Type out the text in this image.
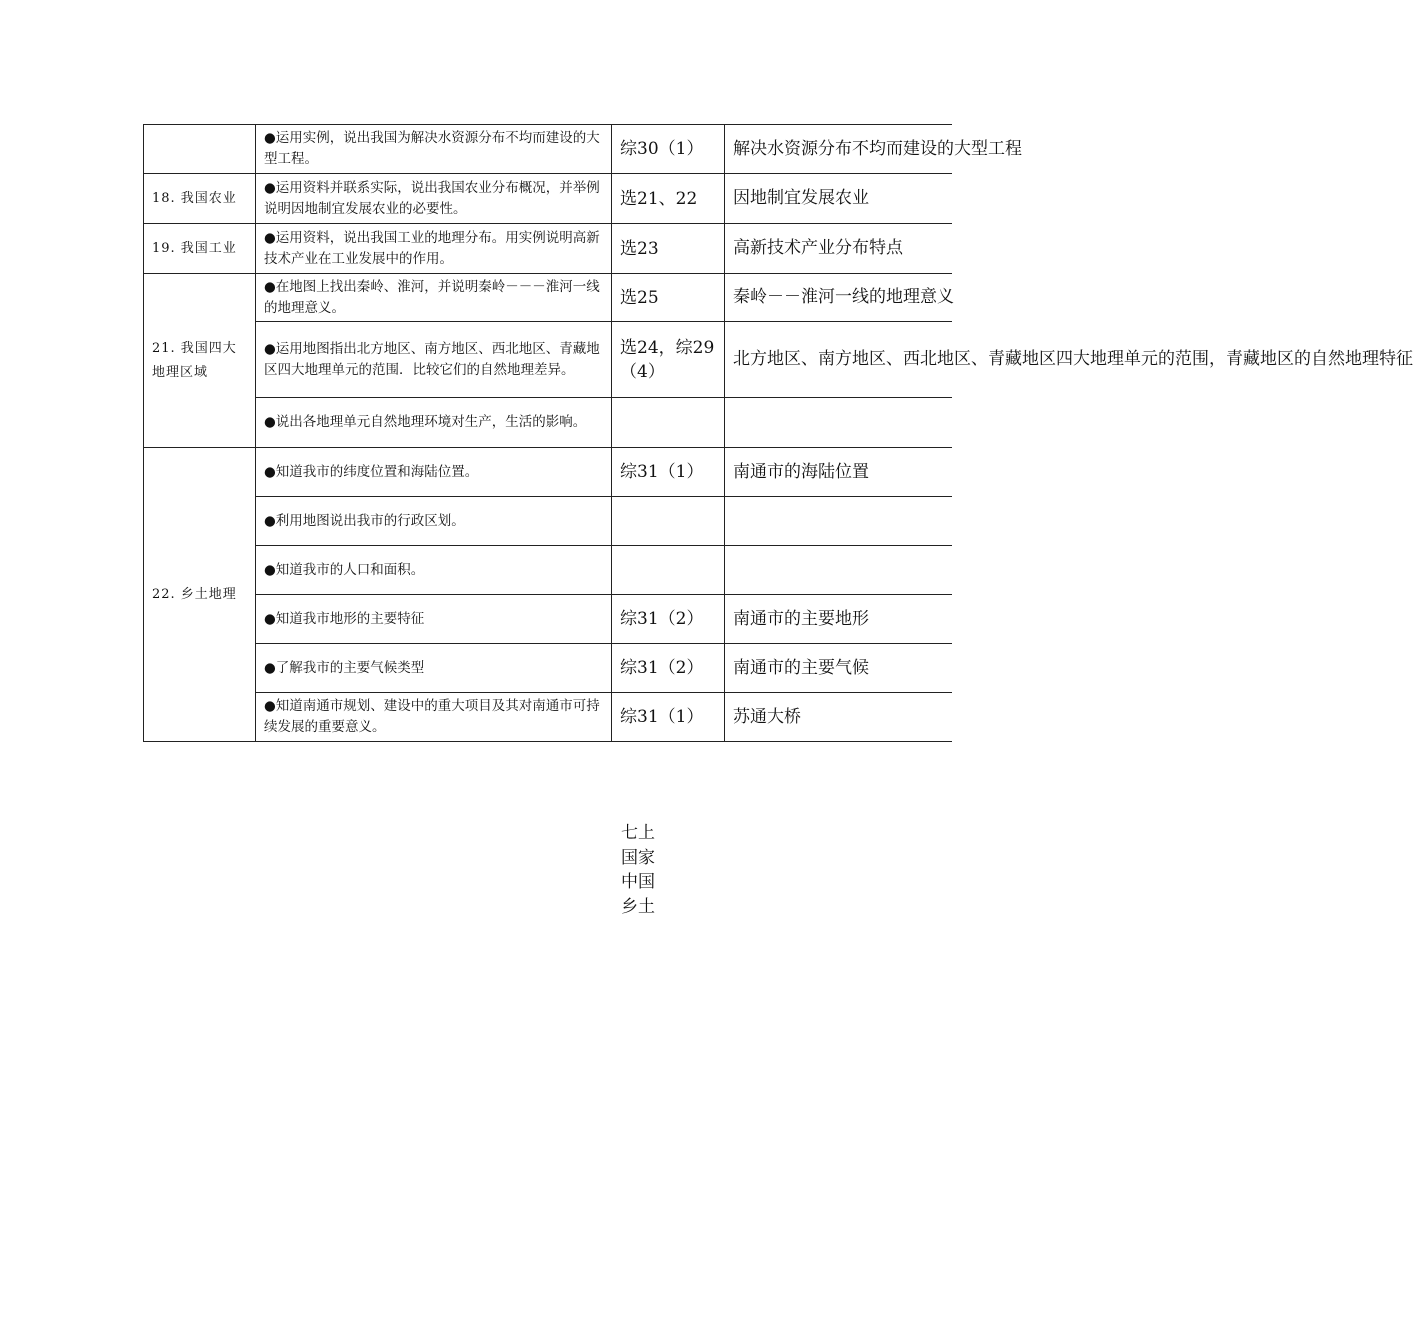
	●运用实例，说出我国为解决水资源分布不均而建设的大型工程。	综30（1）	解决水资源分布不均而建设的大型工程
18. 我国农业	●运用资料并联系实际，说出我国农业分布概况，并举例说明因地制宜发展农业的必要性。	选21、22	因地制宜发展农业
19. 我国工业	●运用资料，说出我国工业的地理分布。用实例说明高新技术产业在工业发展中的作用。	选23	高新技术产业分布特点
21. 我国四大地理区域	●在地图上找出秦岭、淮河，并说明秦岭－－－淮河一线的地理意义。	选25	秦岭－－淮河一线的地理意义
	●运用地图指出北方地区、南方地区、西北地区、青藏地区四大地理单元的范围．比较它们的自然地理差异。	选24，综29（4）	北方地区、南方地区、西北地区、青藏地区四大地理单元的范围，青藏地区的自然地理特征
	●说出各地理单元自然地理环境对生产，生活的影响。		
22. 乡土地理	●知道我市的纬度位置和海陆位置。	综31（1）	南通市的海陆位置
	●利用地图说出我市的行政区划。		
	●知道我市的人口和面积。		
	●知道我市地形的主要特征	综31（2）	南通市的主要地形
	●了解我市的主要气候类型	综31（2）	南通市的主要气候
	●知道南通市规划、建设中的重大项目及其对南通市可持续发展的重要意义。	综31（1）	苏通大桥
七上
国家
中国
乡土
